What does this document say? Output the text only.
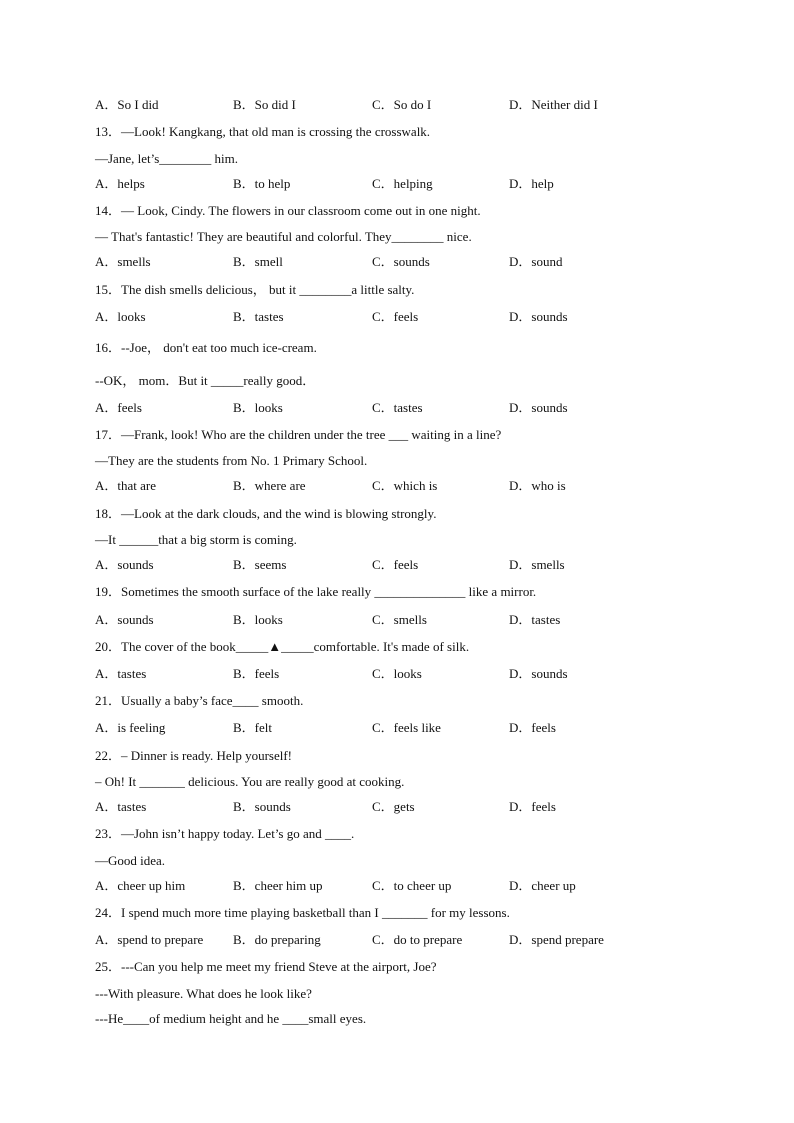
A．So I did	B．So did I	C．So do I	D．Neither did I
13．—Look! Kangkang, that old man is crossing the crosswalk.
—Jane, let’s________ him.
A．helps	B．to help	C．helping	D．help
14．— Look, Cindy. The flowers in our classroom come out in one night.
— That's fantastic! They are beautiful and colorful. They________ nice.
A．smells	B．smell	C．sounds	D．sound
15．The dish smells delicious， but it ________a little salty.
A．looks	B．tastes	C．feels	D．sounds
16．--Joe， don't eat too much ice-cream.
--OK， mom．But it _____really good．
A．feels	B．looks	C．tastes	D．sounds
17．—Frank, look! Who are the children under the tree ___ waiting in a line?
—They are the students from No. 1 Primary School.
A．that are	B．where are	C．which is	D．who is
18．—Look at the dark clouds, and the wind is blowing strongly.
—It ______that a big storm is coming.
A．sounds	B．seems	C．feels	D．smells
19．Sometimes the smooth surface of the lake really ______________ like a mirror.
A．sounds	B．looks	C．smells	D．tastes
20．The cover of the book_____▲_____comfortable. It's made of silk.
A．tastes	B．feels	C．looks	D．sounds
21．Usually a baby’s face____ smooth.
A．is feeling	B．felt	C．feels like	D．feels
22．– Dinner is ready. Help yourself!
– Oh! It _______ delicious. You are really good at cooking.
A．tastes	B．sounds	C．gets	D．feels
23．—John isn’t happy today. Let’s go and ____.
—Good idea.
A．cheer up him	B．cheer him up	C．to cheer up	D．cheer up
24．I spend much more time playing basketball than I _______ for my lessons.
A．spend to prepare B．do preparing	C．do to prepare	D．spend prepare
25．---Can you help me meet my friend Steve at the airport, Joe?
---With pleasure. What does he look like?
---He____of medium height and he ____small eyes.
